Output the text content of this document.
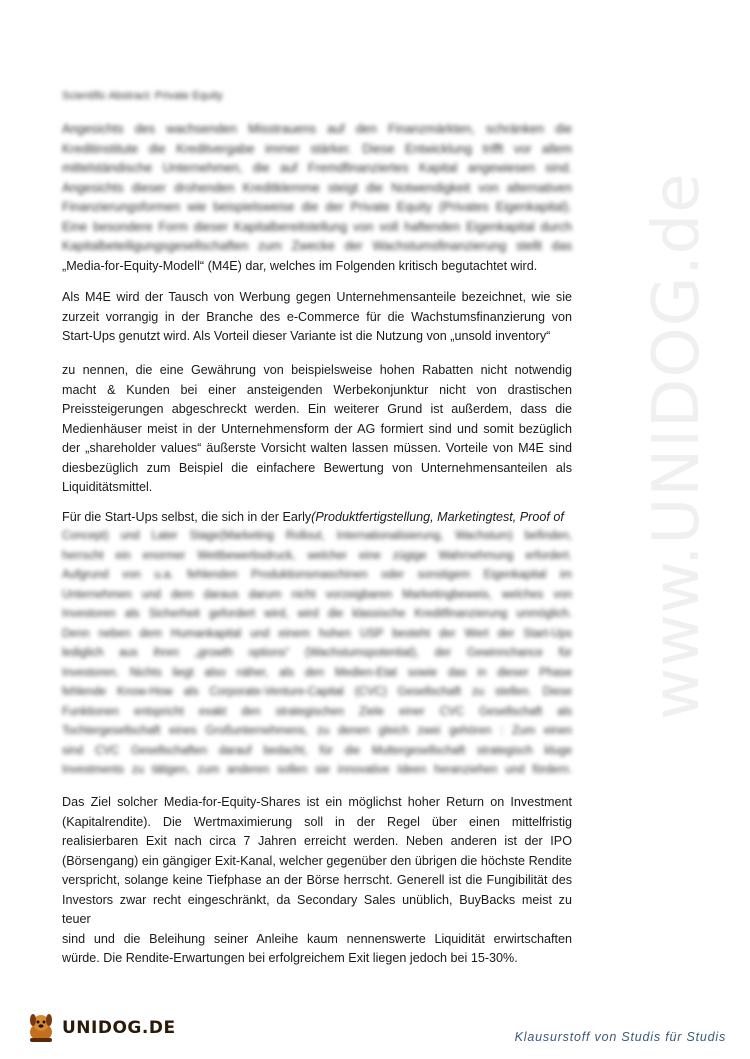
www.UNIDOG.de
Scientific Abstract: Private Equity
Angesichts des wachsenden Misstrauens auf den Finanzmärkten, schränken die
Kreditinstitute die Kreditvergabe immer stärker. Diese Entwicklung trifft vor allem
mittelständische Unternehmen, die auf Fremdfinanziertes Kapital angewiesen sind.
Angesichts dieser drohenden Kreditklemme steigt die Notwendigkeit von alternativen
Finanzierungsformen wie beispielsweise die der Private Equity (Privates Eigenkapital).
Eine besondere Form dieser Kapitalbereitstellung von voll haftenden Eigenkapital durch
Kapitalbeteiligungsgesellschaften zum Zwecke der Wachstumsfinanzierung stellt das
„Media-for-Equity-Modell“ (M4E) dar, welches im Folgenden kritisch begutachtet wird.
Als M4E wird der Tausch von Werbung gegen Unternehmensanteile bezeichnet, wie sie
zurzeit vorrangig in der Branche des e-Commerce für die Wachstumsfinanzierung von
Start-Ups genutzt wird. Als Vorteil dieser Variante ist die Nutzung von „unsold inventory“
zu nennen, die eine Gewährung von beispielsweise hohen Rabatten nicht notwendig
macht & Kunden bei einer ansteigenden Werbekonjunktur nicht von drastischen
Preissteigerungen abgeschreckt werden. Ein weiterer Grund ist außerdem, dass die
Medienhäuser meist in der Unternehmensform der AG formiert sind und somit bezüglich
der „shareholder values“ äußerste Vorsicht walten lassen müssen. Vorteile von M4E sind
diesbezüglich zum Beispiel die einfachere Bewertung von Unternehmensanteilen als
Liquiditätsmittel.
Für die Start-Ups selbst, die sich in der Early(Produktfertigstellung, Marketingtest, Proof of
Concept) und Later Stage(Marketing Rollout, Internationalisierung, Wachstum) befinden,
herrscht ein enormer Wettbewerbsdruck, welcher eine zügige Wahrnehmung erfordert.
Aufgrund von u.a. fehlenden Produktionsmaschinen oder sonstigem Eigenkapital im
Unternehmen und dem daraus darum nicht vorzeigbaren Marketingbeweis, welches von
Investoren als Sicherheit gefordert wird, wird die klassische Kreditfinanzierung unmöglich.
Denn neben dem Humankapital und einem hohen USP besteht der Wert der Start-Ups
lediglich aus ihren „growth options“ (Wachstumspotential), der Gewinnchance für
Investoren. Nichts liegt also näher, als den Medien-Etat sowie das in dieser Phase
fehlende Know-How als Corporate-Venture-Capital (CVC) Gesellschaft zu stellen. Diese
Funktionen entspricht exakt den strategischen Ziele einer CVC Gesellschaft als
Tochtergesellschaft eines Großunternehmens, zu denen gleich zwei gehören : Zum einen
sind CVC Gesellschaften darauf bedacht, für die Muttergesellschaft strategisch kluge
Investments zu tätigen, zum anderen sollen sie innovative Ideen heranziehen und fördern.
Das Ziel solcher Media-for-Equity-Shares ist ein möglichst hoher Return on Investment
(Kapitalrendite). Die Wertmaximierung soll in der Regel über einen mittelfristig
realisierbaren Exit nach circa 7 Jahren erreicht werden. Neben anderen ist der IPO
(Börsengang) ein gängiger Exit-Kanal, welcher gegenüber den übrigen die höchste Rendite
verspricht, solange keine Tiefphase an der Börse herrscht. Generell ist die Fungibilität des
Investors zwar recht eingeschränkt, da Secondary Sales unüblich, BuyBacks meist zu teuer
sind und die Beleihung seiner Anleihe kaum nennenswerte Liquidität erwirtschaften
würde. Die Rendite-Erwartungen bei erfolgreichem Exit liegen jedoch bei 15-30%.
UNIDOG.DE	Klausurstoff von Studis für Studis
